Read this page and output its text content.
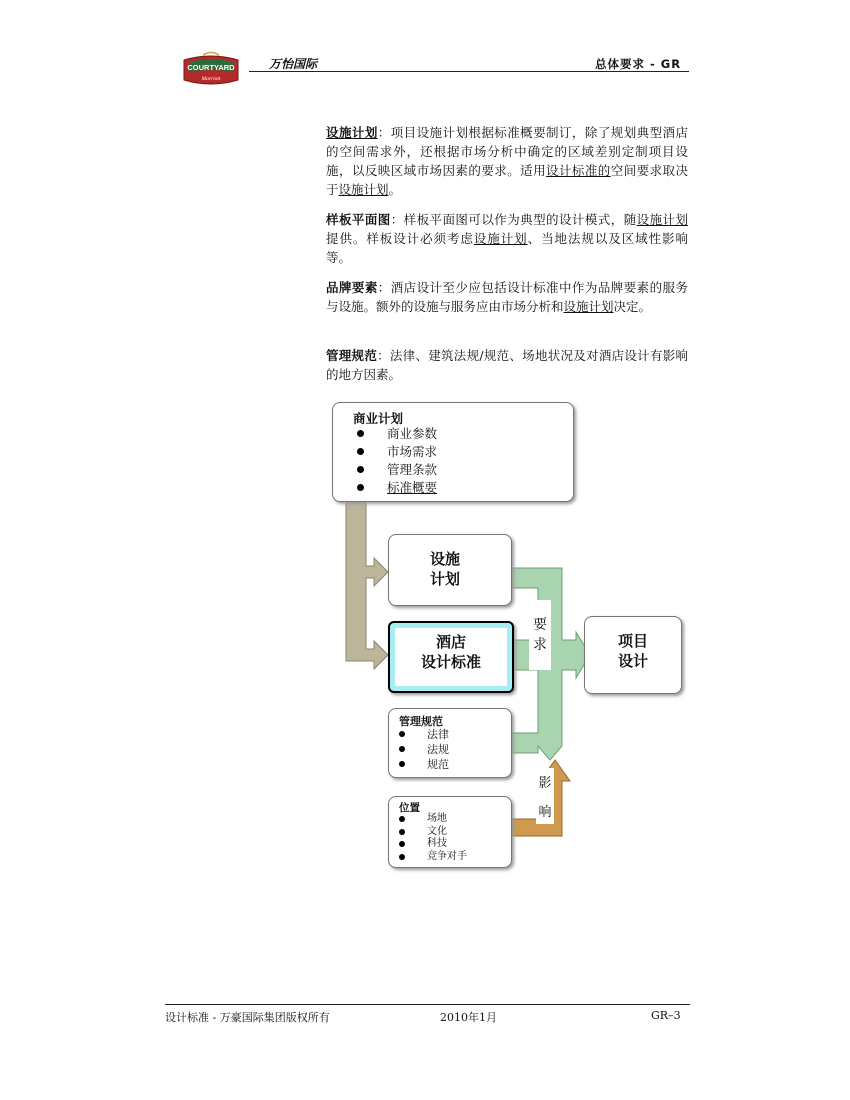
COURTYARD
Marriott
万怡国际	总体要求 - GR
设施计划：项目设施计划根据标准概要制订，除了规划典型酒店的空间需求外，还根据市场分析中确定的区域差别定制项目设施，以反映区域市场因素的要求。适用设计标准的空间要求取决于设施计划。
样板平面图：样板平面图可以作为典型的设计模式，随设施计划提供。样板设计必须考虑设施计划、当地法规以及区域性影响等。
品牌要素：酒店设计至少应包括设计标准中作为品牌要素的服务与设施。额外的设施与服务应由市场分析和设施计划决定。
管理规范：法律、建筑法规/规范、场地状况及对酒店设计有影响的地方因素。
商业计划
商业参数
市场需求
管理条款
标准概要
设施
计划
酒店
设计标准
要
求	项目
设计
管理规范
法律
法规
规范
影
响
位置
场地
文化
科技
竞争对手
设计标准 - 万豪国际集团版权所有	2010年1月	GR–3
